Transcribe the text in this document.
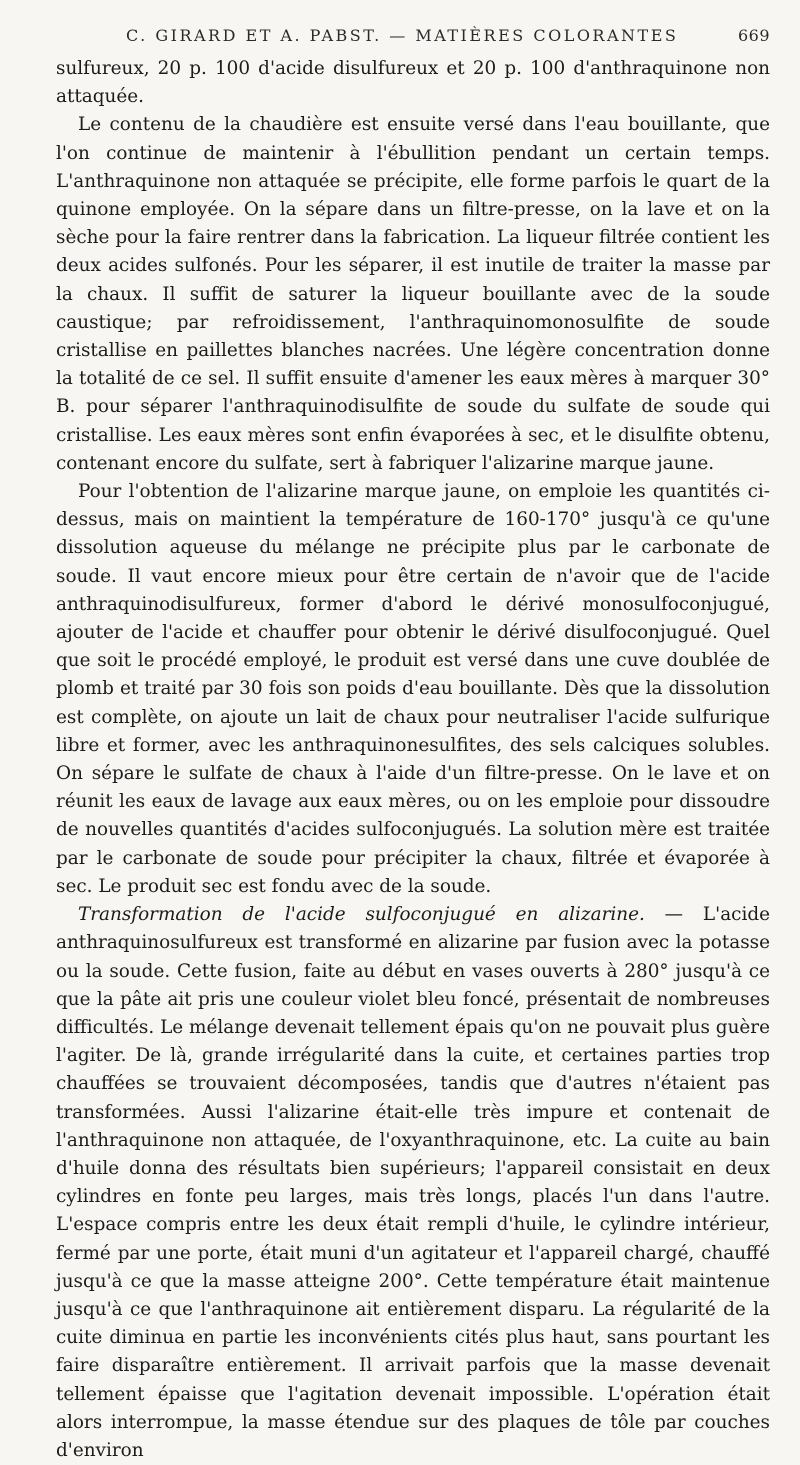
C. GIRARD ET A. PABST. — MATIÈRES COLORANTES	669

sulfureux, 20 p. 100 d'acide disulfureux et 20 p. 100 d'anthraquinone non attaquée.

Le contenu de la chaudière est ensuite versé dans l'eau bouillante, que l'on continue de maintenir à l'ébullition pendant un certain temps. L'anthraquinone non attaquée se précipite, elle forme parfois le quart de la quinone employée. On la sépare dans un filtre-presse, on la lave et on la sèche pour la faire rentrer dans la fabrication. La liqueur filtrée contient les deux acides sulfonés. Pour les séparer, il est inutile de traiter la masse par la chaux. Il suffit de saturer la liqueur bouillante avec de la soude caustique; par refroidissement, l'anthraquinomonosulfite de soude cristallise en paillettes blanches nacrées. Une légère concentration donne la totalité de ce sel. Il suffit ensuite d'amener les eaux mères à marquer 30° B. pour séparer l'anthraquinodisulfite de soude du sulfate de soude qui cristallise. Les eaux mères sont enfin évaporées à sec, et le disulfite obtenu, contenant encore du sulfate, sert à fabriquer l'alizarine marque jaune.

Pour l'obtention de l'alizarine marque jaune, on emploie les quantités ci-dessus, mais on maintient la température de 160-170° jusqu'à ce qu'une dissolution aqueuse du mélange ne précipite plus par le carbonate de soude. Il vaut encore mieux pour être certain de n'avoir que de l'acide anthraquinodisulfureux, former d'abord le dérivé monosulfoconjugué, ajouter de l'acide et chauffer pour obtenir le dérivé disulfoconjugué. Quel que soit le procédé employé, le produit est versé dans une cuve doublée de plomb et traité par 30 fois son poids d'eau bouillante. Dès que la dissolution est complète, on ajoute un lait de chaux pour neutraliser l'acide sulfurique libre et former, avec les anthraquinonesulfites, des sels calciques solubles. On sépare le sulfate de chaux à l'aide d'un filtre-presse. On le lave et on réunit les eaux de lavage aux eaux mères, ou on les emploie pour dissoudre de nouvelles quantités d'acides sulfoconjugués. La solution mère est traitée par le carbonate de soude pour précipiter la chaux, filtrée et évaporée à sec. Le produit sec est fondu avec de la soude.

Transformation de l'acide sulfoconjugué en alizarine. — L'acide anthraquinosulfureux est transformé en alizarine par fusion avec la potasse ou la soude. Cette fusion, faite au début en vases ouverts à 280° jusqu'à ce que la pâte ait pris une couleur violet bleu foncé, présentait de nombreuses difficultés. Le mélange devenait tellement épais qu'on ne pouvait plus guère l'agiter. De là, grande irrégularité dans la cuite, et certaines parties trop chauffées se trouvaient décomposées, tandis que d'autres n'étaient pas transformées. Aussi l'alizarine était-elle très impure et contenait de l'anthraquinone non attaquée, de l'oxyanthraquinone, etc. La cuite au bain d'huile donna des résultats bien supérieurs; l'appareil consistait en deux cylindres en fonte peu larges, mais très longs, placés l'un dans l'autre. L'espace compris entre les deux était rempli d'huile, le cylindre intérieur, fermé par une porte, était muni d'un agitateur et l'appareil chargé, chauffé jusqu'à ce que la masse atteigne 200°. Cette température était maintenue jusqu'à ce que l'anthraquinone ait entièrement disparu. La régularité de la cuite diminua en partie les inconvénients cités plus haut, sans pourtant les faire disparaître entièrement. Il arrivait parfois que la masse devenait tellement épaisse que l'agitation devenait impossible. L'opération était alors interrompue, la masse étendue sur des plaques de tôle par couches d'environ
